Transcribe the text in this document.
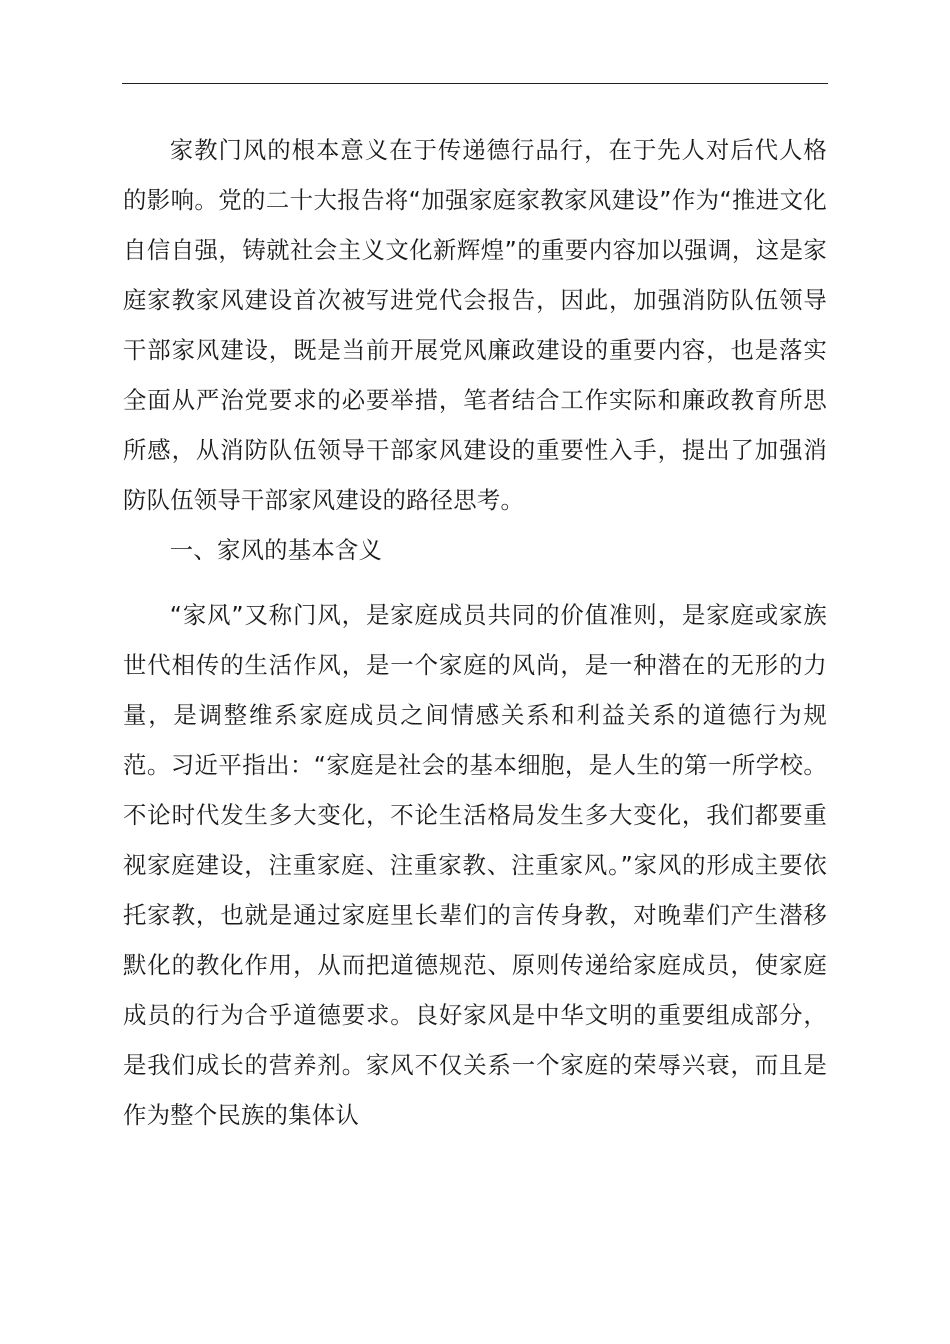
家教门风的根本意义在于传递德行品行，在于先人对后代人格的影响。党的二十大报告将“加强家庭家教家风建设”作为“推进文化自信自强，铸就社会主义文化新辉煌”的重要内容加以强调，这是家庭家教家风建设首次被写进党代会报告，因此，加强消防队伍领导干部家风建设，既是当前开展党风廉政建设的重要内容，也是落实全面从严治党要求的必要举措，笔者结合工作实际和廉政教育所思所感，从消防队伍领导干部家风建设的重要性入手，提出了加强消防队伍领导干部家风建设的路径思考。

一、家风的基本含义

“家风”又称门风，是家庭成员共同的价值准则，是家庭或家族世代相传的生活作风，是一个家庭的风尚，是一种潜在的无形的力量，是调整维系家庭成员之间情感关系和利益关系的道德行为规范。习近平指出：“家庭是社会的基本细胞，是人生的第一所学校。不论时代发生多大变化，不论生活格局发生多大变化，我们都要重视家庭建设，注重家庭、注重家教、注重家风。”家风的形成主要依托家教，也就是通过家庭里长辈们的言传身教，对晚辈们产生潜移默化的教化作用，从而把道德规范、原则传递给家庭成员，使家庭成员的行为合乎道德要求。良好家风是中华文明的重要组成部分，是我们成长的营养剂。家风不仅关系一个家庭的荣辱兴衰，而且是作为整个民族的集体认
